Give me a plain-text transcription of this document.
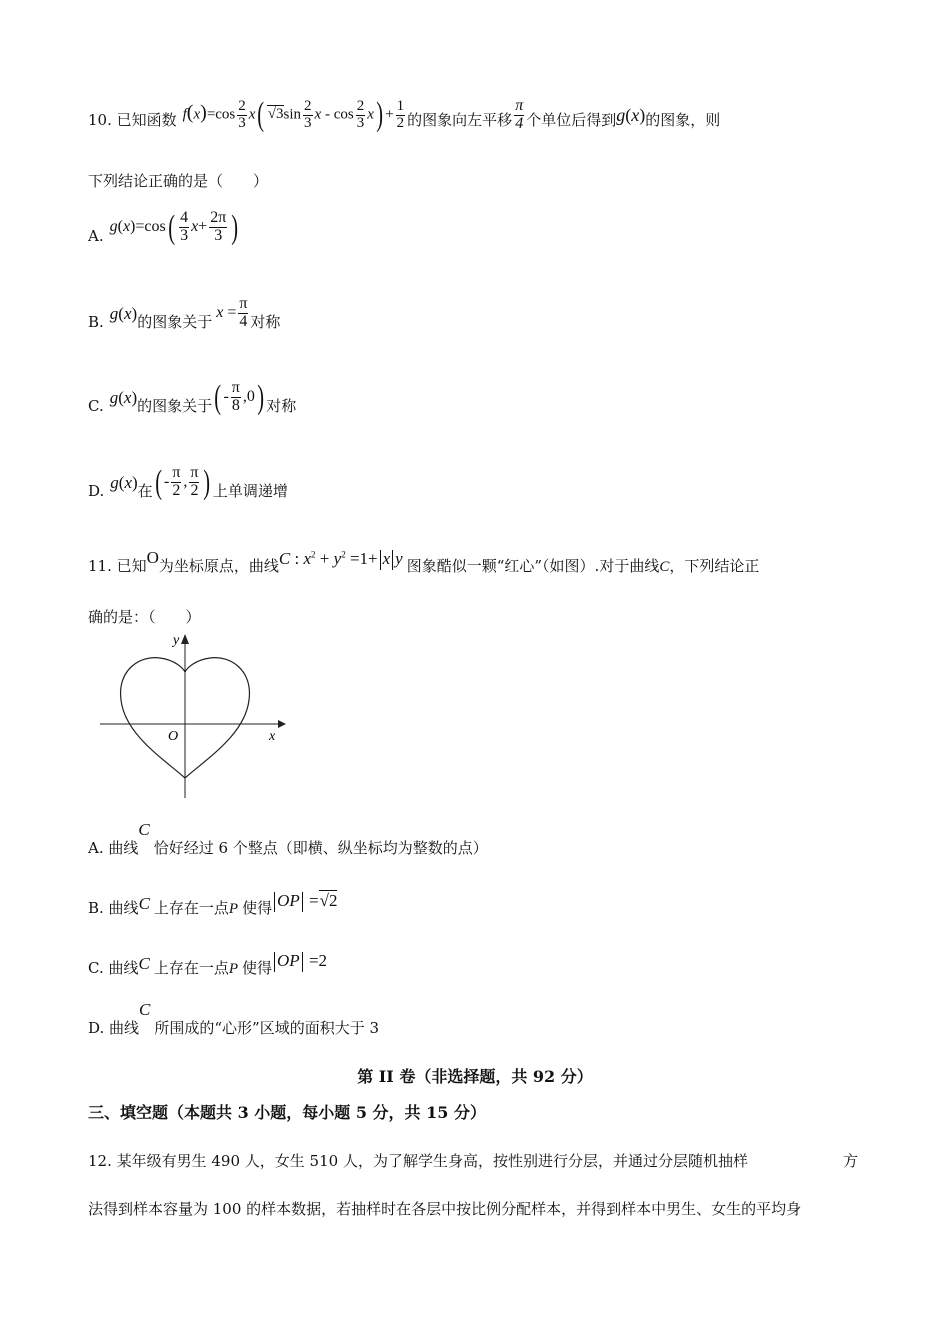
10. 已知函数 $f(x)=\cos \frac{2}{3} x$( $√3\sin \frac{2}{3}$ $x - \cos \frac{2}{3} x) + \frac{1}{2}$ 的图象向左平移 $\frac{\pi}{4}$ 个单位后得到 g(x) 的图象，则
下列结论正确的是（　　）
A. $g(x)=\cos( \frac{4}{3} x+ \frac{2\pi}{3}$ )
B. g(x) 的图象关于
$x = \frac{\pi}{4}$ 对称
C. g(x) 的图象关于 ( - $\frac{\pi}{8} ,0$) 对称
D. g(x) 在 ( - $\frac{\pi}{2}$ , $\frac{\pi}{2}$ ) 上单调递增
11. 已知 O 为坐标原点，曲线 C : $x^2 + y^2 =1+ x$ y 图象酷似一颗“红心”（如图）.对于曲线 C ，下列结论正
确的是：（　　）
y
x
O
A. 曲线
C
恰好经过 6 个整点（即横、纵坐标均为整数的点）
B. 曲线 C 上存在一点 P 使得 OP =√2
C. 曲线 C 上存在一点 P 使得 OP =2
D. 曲线
C
所围成的“心形”区域的面积大于 3
第 II 卷（非选择题，共 92 分）
三、填空题（本题共 3 小题，每小题 5 分，共 15 分）
12. 某年级有男生 490 人，女生 510 人，为了解学生身高，按性别进行分层，并通过分层随机抽样	方
法得到样本容量为 100 的样本数据，若抽样时在各层中按比例分配样本，并得到样本中男生、女生的平均身
